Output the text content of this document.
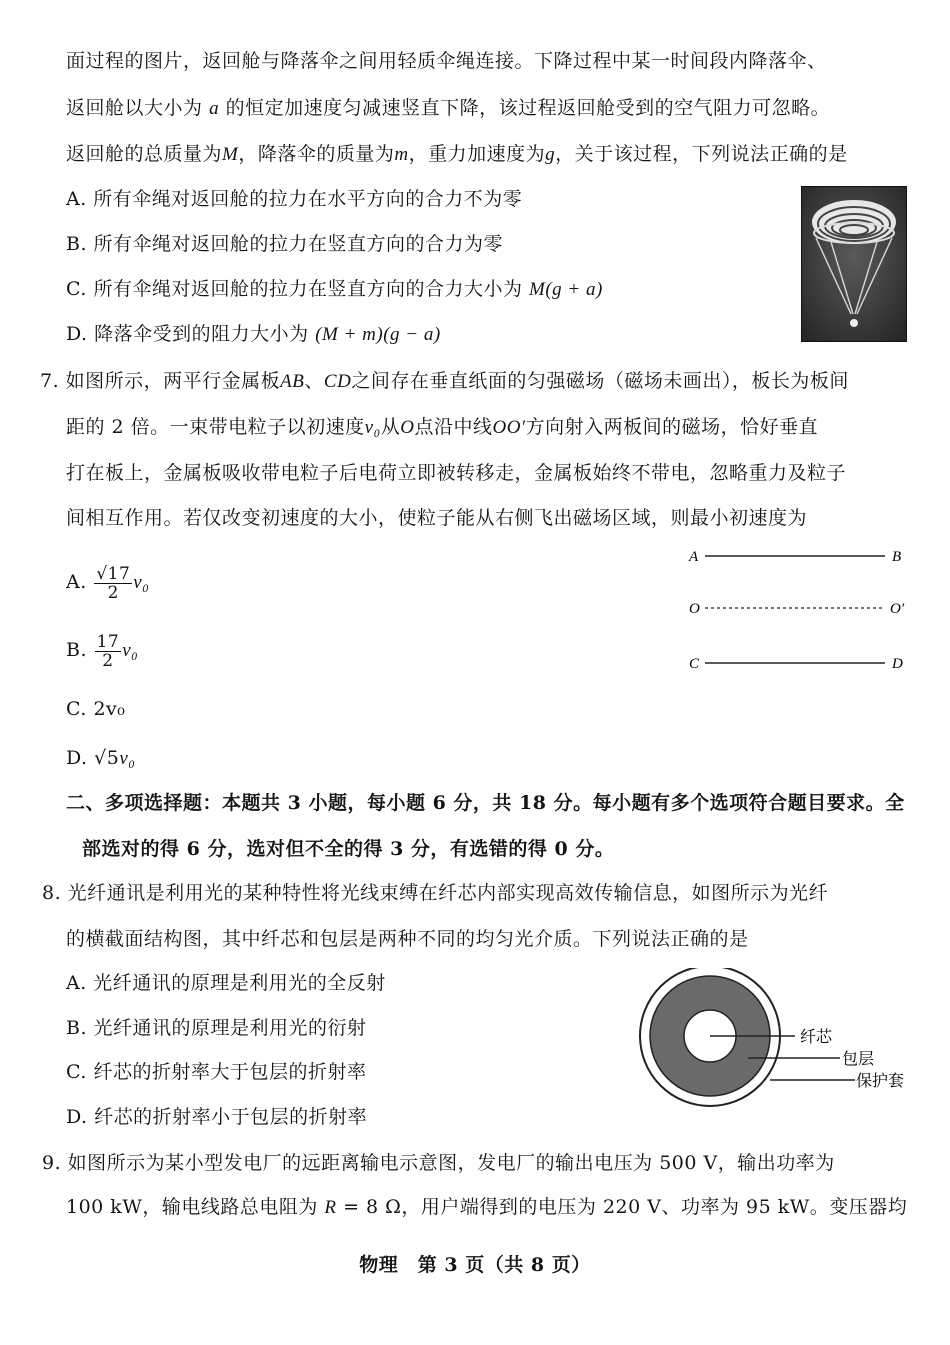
面过程的图片，返回舱与降落伞之间用轻质伞绳连接。下降过程中某一时间段内降落伞、
返回舱以大小为 a 的恒定加速度匀减速竖直下降，该过程返回舱受到的空气阻力可忽略。
返回舱的总质量为M，降落伞的质量为m，重力加速度为g，关于该过程，下列说法正确的是
A. 所有伞绳对返回舱的拉力在水平方向的合力不为零
B. 所有伞绳对返回舱的拉力在竖直方向的合力为零
C. 所有伞绳对返回舱的拉力在竖直方向的合力大小为 M(g + a)
D. 降落伞受到的阻力大小为 (M + m)(g − a)
7. 如图所示，两平行金属板AB、CD之间存在垂直纸面的匀强磁场（磁场未画出），板长为板间
距的 2 倍。一束带电粒子以初速度v₀从O点沿中线OO′方向射入两板间的磁场，恰好垂直
打在板上，金属板吸收带电粒子后电荷立即被转移走，金属板始终不带电，忽略重力及粒子
间相互作用。若仅改变初速度的大小，使粒子能从右侧飞出磁场区域，则最小初速度为
A. $\frac{√17}{2} v_0$
B. $\frac{17}{2} v_0$
C. 2v₀
D. √5v₀
A	B
O	O′
C	D
二、多项选择题：本题共 3 小题，每小题 6 分，共 18 分。每小题有多个选项符合题目要求。全
部选对的得 6 分，选对但不全的得 3 分，有选错的得 0 分。
8. 光纤通讯是利用光的某种特性将光线束缚在纤芯内部实现高效传输信息，如图所示为光纤
的横截面结构图，其中纤芯和包层是两种不同的均匀光介质。下列说法正确的是
A. 光纤通讯的原理是利用光的全反射
B. 光纤通讯的原理是利用光的衍射
C. 纤芯的折射率大于包层的折射率
D. 纤芯的折射率小于包层的折射率
纤芯
包层
保护套
9. 如图所示为某小型发电厂的远距离输电示意图，发电厂的输出电压为 500 V，输出功率为
100 kW，输电线路总电阻为 R = 8 Ω，用户端得到的电压为 220 V、功率为 95 kW。变压器均
物理　第 3 页（共 8 页）
